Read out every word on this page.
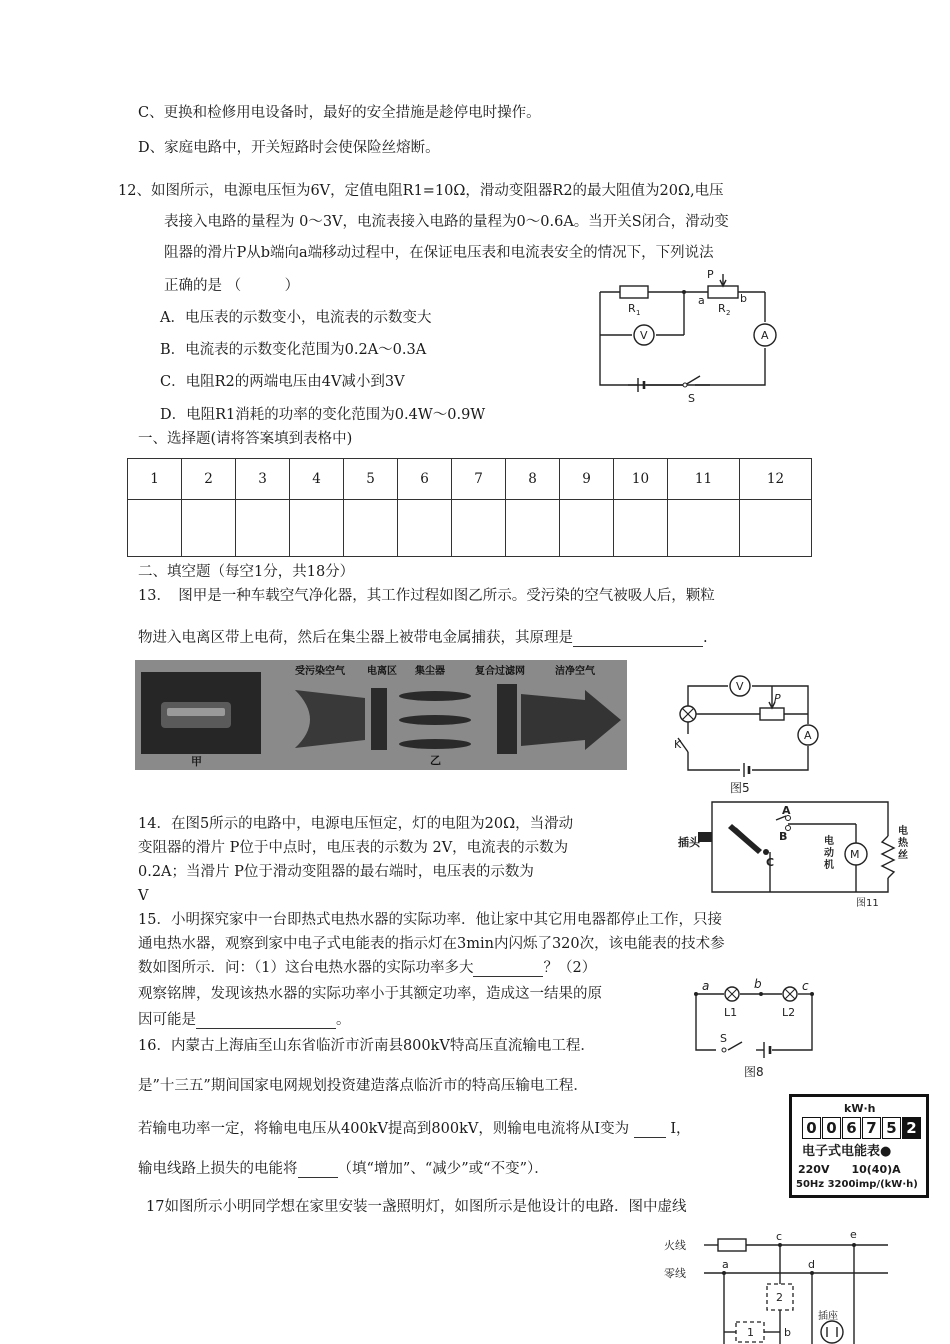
C、更换和检修用电设备时，最好的安全措施是趁停电时操作。
D、家庭电路中，开关短路时会使保险丝熔断。
12、如图所示，电源电压恒为6V，定值电阻R1=10Ω，滑动变阻器R2的最大阻值为20Ω,电压
表接入电路的量程为 0～3V，电流表接入电路的量程为0～0.6A。当开关S闭合，滑动变
阻器的滑片P从b端向a端移动过程中，在保证电压表和电流表安全的情况下，下列说法
正确的是 （　　　）
A．电压表的示数变小，电流表的示数变大
B．电流表的示数变化范围为0.2A～0.3A
C．电阻R2的两端电压由4V减小到3V
D．电阻R1消耗的功率的变化范围为0.4W～0.9W
P
a	b
R 1	R 2
V	A
S
一、选择题(请将答案填到表格中)
1	2	3	4	5	6	7	8	9	10	11	12

二、填空题（每空1分，共18分）
13．　图甲是一种车载空气净化器，其工作过程如图乙所示。受污染的空气被吸人后，颗粒
物进入电离区带上电荷，然后在集尘器上被带电金属捕获，其原理是	.
甲
受污染空气 电离区 集尘器	复合过滤网	洁净空气
乙
V
P
A
K
图5
14．在图5所示的电路中，电源电压恒定，灯的电阻为20Ω，当滑动
变阻器的滑片 P位于中点时，电压表的示数为 2V，电流表的示数为
0.2A；当滑片 P位于滑动变阻器的最右端时，电压表的示数为
V
插头
A
B
C
M
电热丝
图11
电
动
机
15．小明探究家中一台即热式电热水器的实际功率．他让家中其它用电器都停止工作，只接
通电热水器，观察到家中电子式电能表的指示灯在3min内闪烁了320次，该电能表的技术参
数如图所示．问：（1）这台电热水器的实际功率多大	？（2）
观察铭牌，发现该热水器的实际功率小于其额定功率，造成这一结果的原
因可能是	。
a	b	c
L1	L2
S
图8
16．内蒙古上海庙至山东省临沂市沂南县800kV特高压直流输电工程．
是”十三五”期间国家电网规划投资建造落点临沂市的特高压输电工程．
若输电功率一定，将输电电压从400kV提高到800kV，则输电电流将从I变为	I，
输电线路上损失的电能将	（填“增加”、“减少”或“不变”）．
kW·h
0 0 6 7 5 2
电子式电能表●
220V　　10(40)A
50Hz 3200imp/(kW·h)
17如图所示小明同学想在家里安装一盏照明灯，如图所示是他设计的电路．图中虚线
火线
零线
a
b
c
d
e
2
1
插座
